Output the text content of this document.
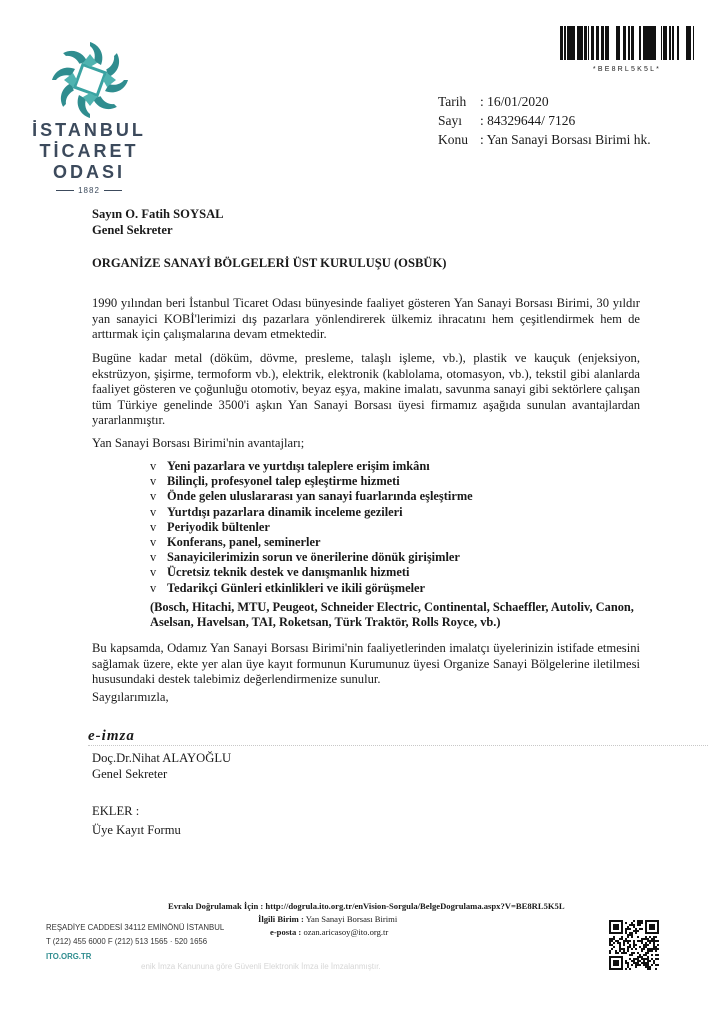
İSTANBUL
TİCARET
ODASI
1882
*BE8RL5K5L*
Tarih : 16/01/2020
Sayı : 84329644/ 7126
Konu : Yan Sanayi Borsası Birimi hk.
Sayın O. Fatih SOYSAL
Genel Sekreter
ORGANİZE SANAYİ BÖLGELERİ ÜST KURULUŞU (OSBÜK)
1990 yılından beri İstanbul Ticaret Odası bünyesinde faaliyet gösteren Yan Sanayi Borsası Birimi, 30 yıldır yan sanayici KOBİ'lerimizi dış pazarlara yönlendirerek ülkemiz ihracatını hem çeşitlendirmek hem de arttırmak için çalışmalarına devam etmektedir.
Bugüne kadar metal (döküm, dövme, presleme, talaşlı işleme, vb.), plastik ve kauçuk (enjeksiyon, ekstrüzyon, şişirme, termoform vb.), elektrik, elektronik (kablolama, otomasyon, vb.), tekstil gibi alanlarda faaliyet gösteren ve çoğunluğu otomotiv, beyaz eşya, makine imalatı, savunma sanayi gibi sektörlere çalışan tüm Türkiye genelinde 3500'i aşkın Yan Sanayi Borsası üyesi firmamız aşağıda sunulan avantajlardan yararlanmıştır.
Yan Sanayi Borsası Birimi'nin avantajları;
v Yeni pazarlara ve yurtdışı taleplere erişim imkânı
v Bilinçli, profesyonel talep eşleştirme hizmeti
v Önde gelen uluslararası yan sanayi fuarlarında eşleştirme
v Yurtdışı pazarlara dinamik inceleme gezileri
v Periyodik bültenler
v Konferans, panel, seminerler
v Sanayicilerimizin sorun ve önerilerine dönük girişimler
v Ücretsiz teknik destek ve danışmanlık hizmeti
v Tedarikçi Günleri etkinlikleri ve ikili görüşmeler
(Bosch, Hitachi, MTU, Peugeot, Schneider Electric, Continental, Schaeffler, Autoliv, Canon, Aselsan, Havelsan, TAI, Roketsan, Türk Traktör, Rolls Royce, vb.)
Bu kapsamda, Odamız Yan Sanayi Borsası Birimi'nin faaliyetlerinden imalatçı üyelerinizin istifade etmesini sağlamak üzere, ekte yer alan üye kayıt formunun Kurumunuz üyesi Organize Sanayi Bölgelerine iletilmesi hususundaki destek talebimiz değerlendirmenize sunulur.
Saygılarımızla,
e-imza
Doç.Dr.Nihat ALAYOĞLU
Genel Sekreter
EKLER :
Üye Kayıt Formu
Evrakı Doğrulamak İçin : http://dogrula.ito.org.tr/enVision-Sorgula/BelgeDogrulama.aspx?V=BE8RL5K5L
İlgili Birim : Yan Sanayi Borsası Birimi
e-posta : ozan.aricasoy@ito.org.tr
REŞADİYE CADDESİ 34112 EMİNÖNÜ İSTANBUL
T (212) 455 6000 F (212) 513 1565 · 520 1656
ITO.ORG.TR
enik İmza Kanununa göre Güvenli Elektronik İmza ile İmzalanmıştır.
